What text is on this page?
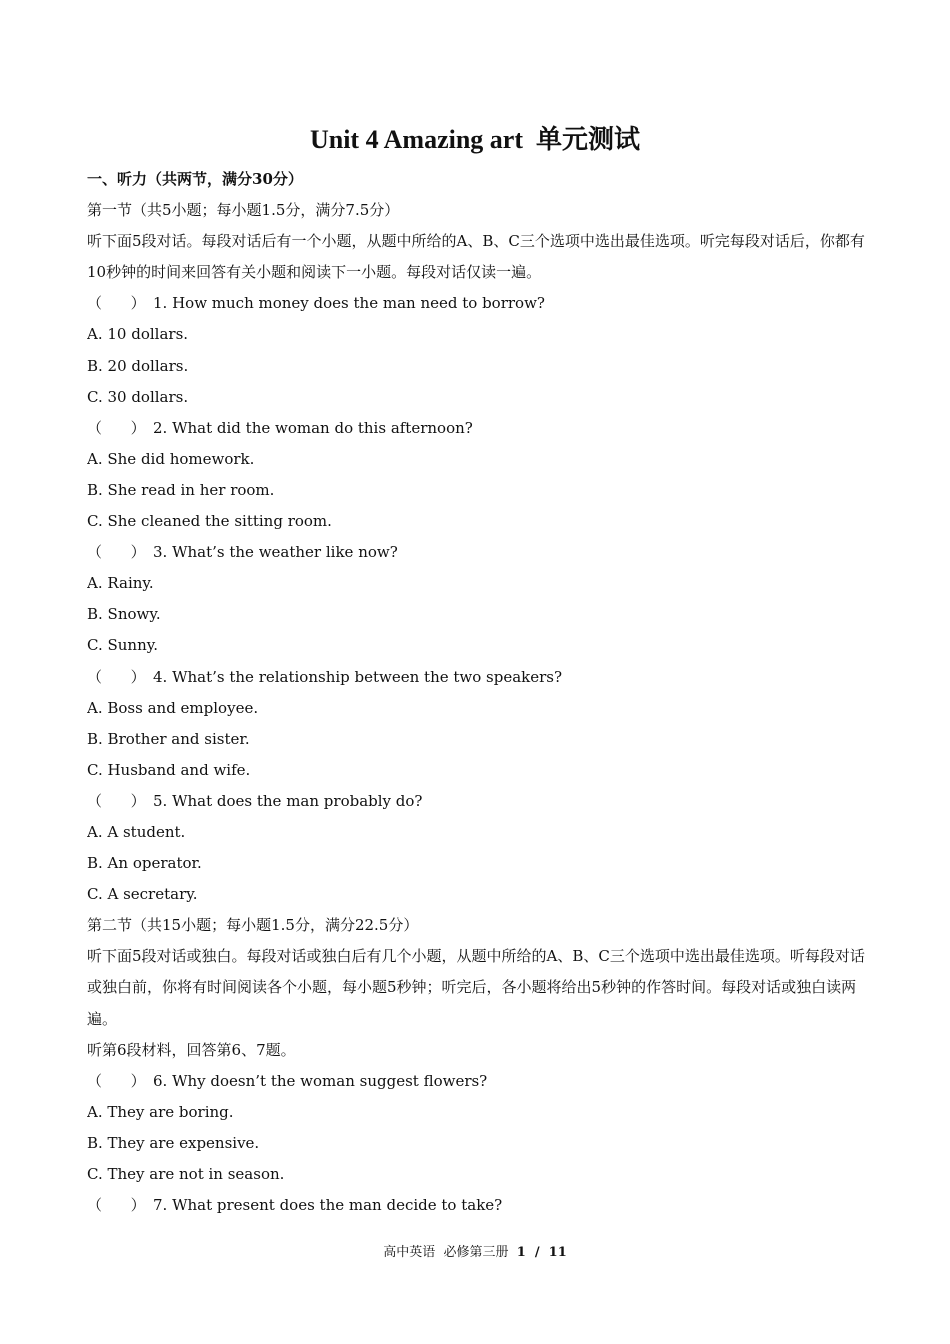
Unit 4 Amazing art  单元测试
一、听力（共两节，满分30分）
第一节（共5小题；每小题1.5分，满分7.5分）
听下面5段对话。每段对话后有一个小题，从题中所给的A、B、C三个选项中选出最佳选项。听完每段对话后，你都有10秒钟的时间来回答有关小题和阅读下一小题。每段对话仅读一遍。
（      ） 1. How much money does the man need to borrow?
A. 10 dollars.
B. 20 dollars.
C. 30 dollars.
（      ） 2. What did the woman do this afternoon?
A. She did homework.
B. She read in her room.
C. She cleaned the sitting room.
（      ） 3. What’s the weather like now?
A. Rainy.
B. Snowy.
C. Sunny.
（      ） 4. What’s the relationship between the two speakers?
A. Boss and employee.
B. Brother and sister.
C. Husband and wife.
（      ） 5. What does the man probably do?
A. A student.
B. An operator.
C. A secretary.
第二节（共15小题；每小题1.5分，满分22.5分）
听下面5段对话或独白。每段对话或独白后有几个小题，从题中所给的A、B、C三个选项中选出最佳选项。听每段对话或独白前，你将有时间阅读各个小题，每小题5秒钟；听完后，各小题将给出5秒钟的作答时间。每段对话或独白读两遍。
听第6段材料，回答第6、7题。
（      ） 6. Why doesn’t the woman suggest flowers?
A. They are boring.
B. They are expensive.
C. They are not in season.
（      ） 7. What present does the man decide to take?
高中英语  必修第三册  1  /  11
